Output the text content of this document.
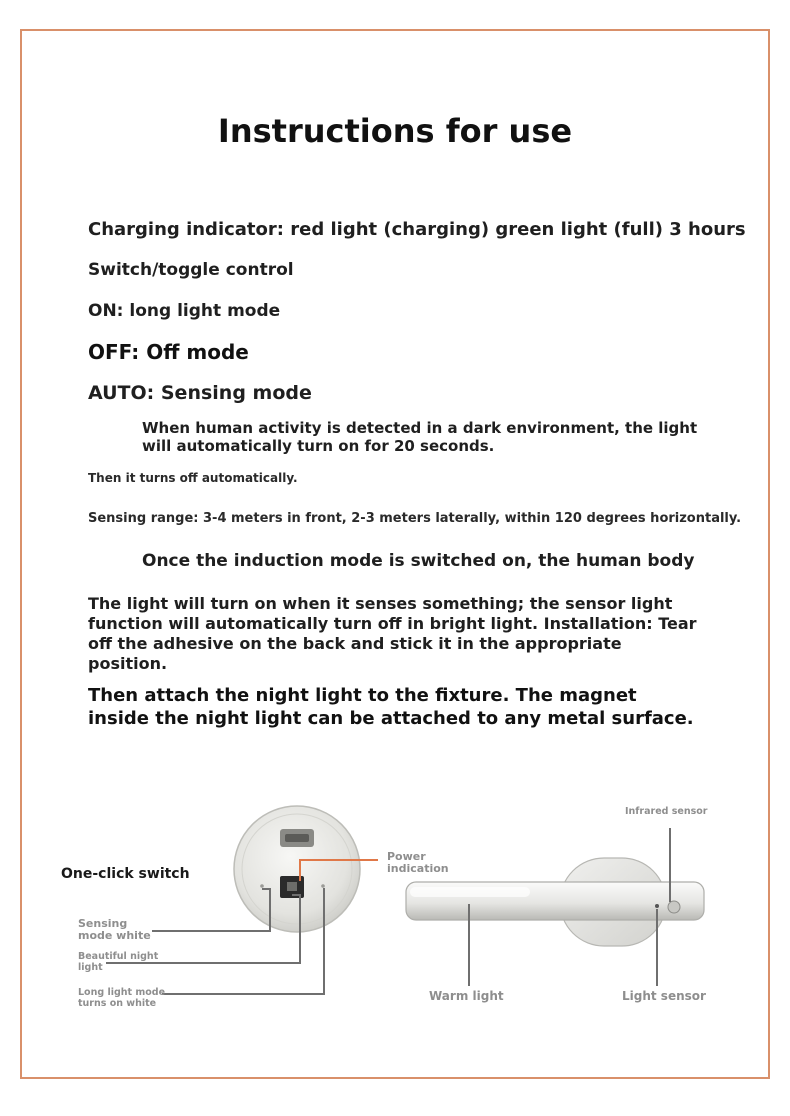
Instructions for use

Charging indicator: red light (charging) green light (full) 3 hours

Switch/toggle control

ON: long light mode

OFF: Off mode

AUTO: Sensing mode

When human activity is detected in a dark environment, the light will automatically turn on for 20 seconds.

Then it turns off automatically.

Sensing range: 3-4 meters in front, 2-3 meters laterally, within 120 degrees horizontally.

Once the induction mode is switched on, the human body

The light will turn on when it senses something; the sensor light function will automatically turn off in bright light. Installation: Tear off the adhesive on the back and stick it in the appropriate position.

Then attach the night light to the fixture. The magnet inside the night light can be attached to any metal surface.

One-click switch
Sensing
mode white
Beautiful night
light
Long light mode
turns on white
Power
indication
Infrared sensor
Warm light	Light sensor
